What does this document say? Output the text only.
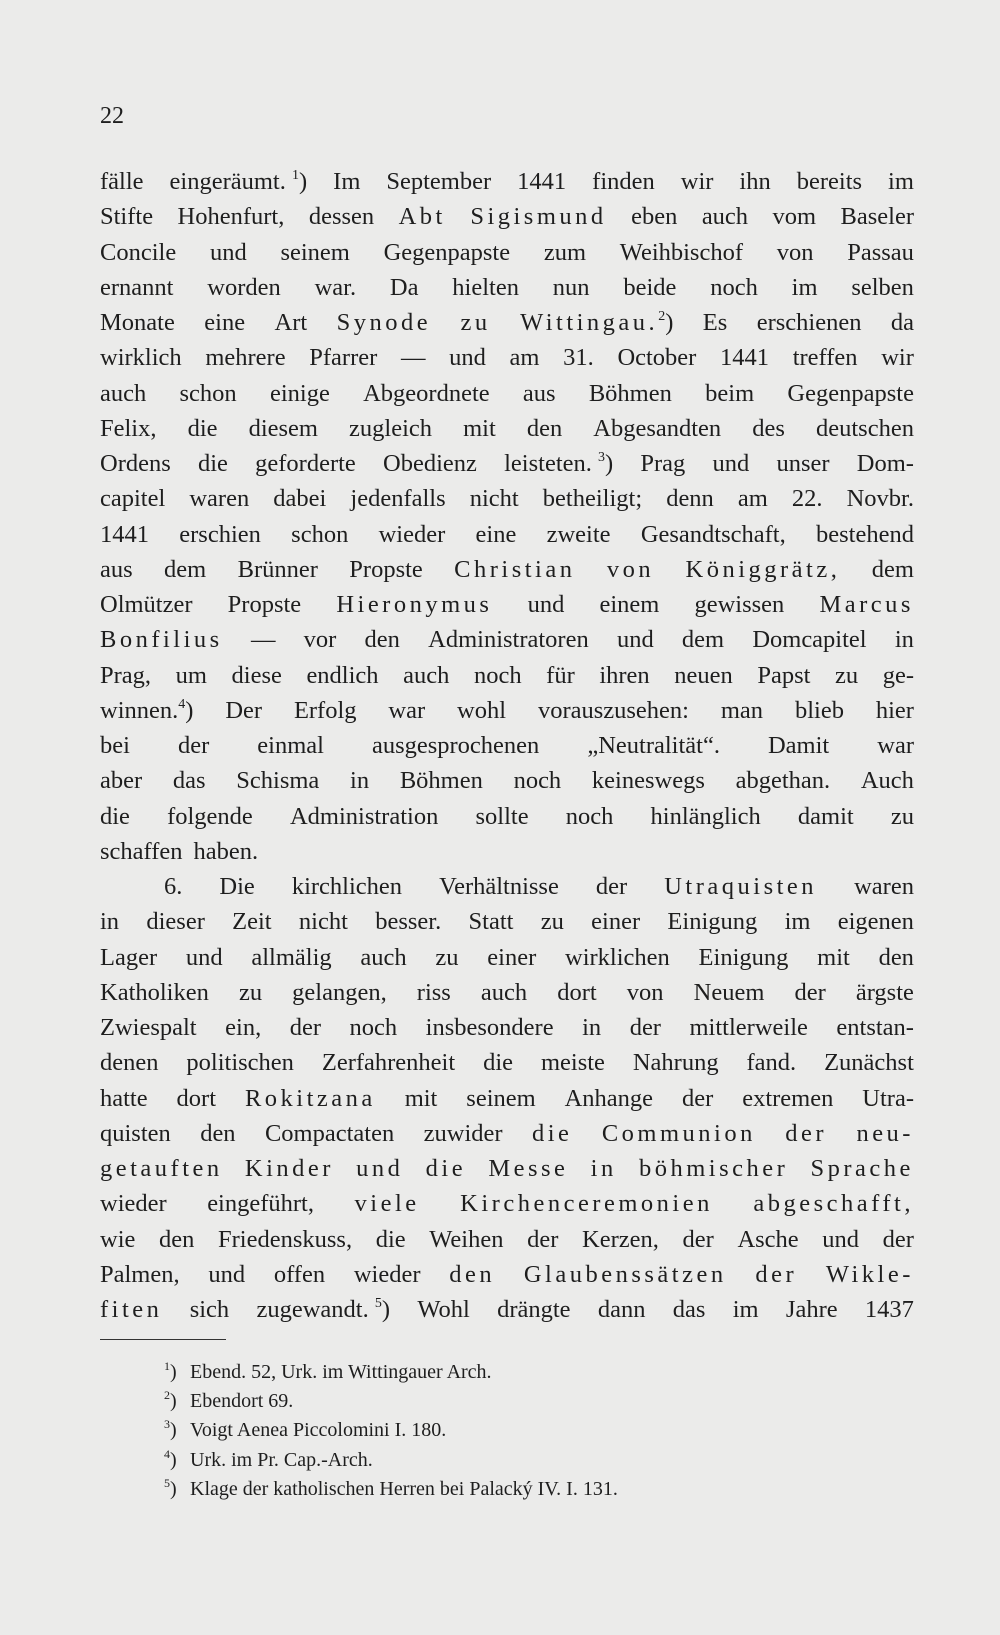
22
fälle eingeräumt. $^1$) Im September 1441 finden wir ihn bereits im
Stifte Hohenfurt, dessen Abt Sigismund eben auch vom Baseler
Concile und seinem Gegenpapste zum Weihbischof von Passau
ernannt worden war. Da hielten nun beide noch im selben
Monate eine Art Synode zu Wittingau.$^2$) Es erschienen da
wirklich mehrere Pfarrer — und am 31. October 1441 treffen wir
auch schon einige Abgeordnete aus Böhmen beim Gegenpapste
Felix, die diesem zugleich mit den Abgesandten des deutschen
Ordens die geforderte Obedienz leisteten. $^3$) Prag und unser Dom-
capitel waren dabei jedenfalls nicht betheiligt; denn am 22. Novbr.
1441 erschien schon wieder eine zweite Gesandtschaft, bestehend
aus dem Brünner Propste Christian von Königgrätz, dem
Olmützer Propste Hieronymus und einem gewissen Marcus
Bonfilius — vor den Administratoren und dem Domcapitel in
Prag, um diese endlich auch noch für ihren neuen Papst zu ge-
winnen.$^4$) Der Erfolg war wohl vorauszusehen: man blieb hier
bei der einmal ausgesprochenen „Neutralität“. Damit war
aber das Schisma in Böhmen noch keineswegs abgethan. Auch
die folgende Administration sollte noch hinlänglich damit zu
schaffen haben.
6. Die kirchlichen Verhältnisse der Utraquisten waren
in dieser Zeit nicht besser. Statt zu einer Einigung im eigenen
Lager und allmälig auch zu einer wirklichen Einigung mit den
Katholiken zu gelangen, riss auch dort von Neuem der ärgste
Zwiespalt ein, der noch insbesondere in der mittlerweile entstan-
denen politischen Zerfahrenheit die meiste Nahrung fand. Zunächst
hatte dort Rokitzana mit seinem Anhange der extremen Utra-
quisten den Compactaten zuwider die Communion der neu-
getauften Kinder und die Messe in böhmischer Sprache
wieder eingeführt, viele Kirchenceremonien abgeschafft,
wie den Friedenskuss, die Weihen der Kerzen, der Asche und der
Palmen, und offen wieder den Glaubenssätzen der Wikle-
fiten sich zugewandt. $^5$) Wohl drängte dann das im Jahre 1437
$^1$) Ebend. 52, Urk. im Wittingauer Arch.
$^2$) Ebendort 69.
$^3$) Voigt Aenea Piccolomini I. 180.
$^4$) Urk. im Pr. Cap.-Arch.
$^5$) Klage der katholischen Herren bei Palacký IV. I. 131.
